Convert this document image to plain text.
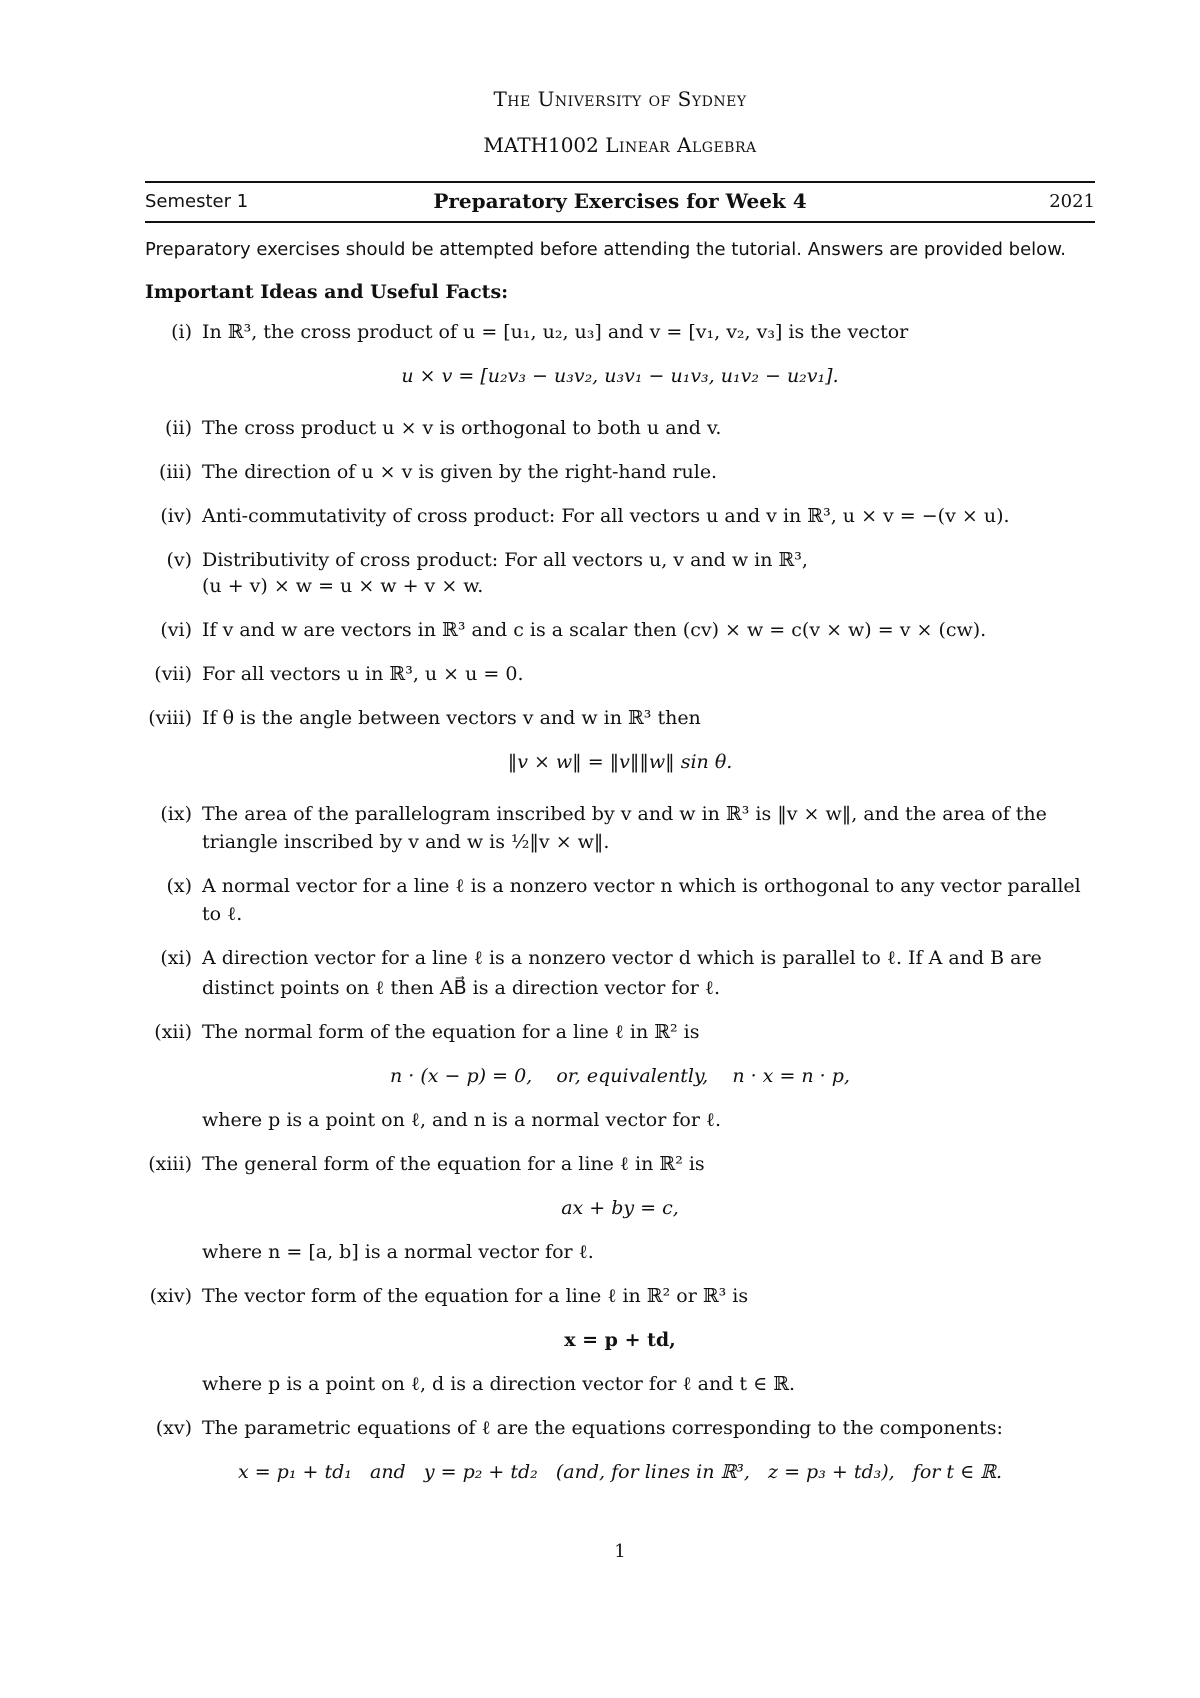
The University of Sydney
MATH1002 Linear Algebra
Semester 1	Preparatory Exercises for Week 4	2021
Preparatory exercises should be attempted before attending the tutorial. Answers are provided below.
Important Ideas and Useful Facts:
(i) In ℝ³, the cross product of u = [u₁, u₂, u₃] and v = [v₁, v₂, v₃] is the vector
u × v = [u₂v₃ − u₃v₂, u₃v₁ − u₁v₃, u₁v₂ − u₂v₁].
(ii) The cross product u × v is orthogonal to both u and v.
(iii) The direction of u × v is given by the right-hand rule.
(iv) Anti-commutativity of cross product: For all vectors u and v in ℝ³, u × v = −(v × u).
(v) Distributivity of cross product: For all vectors u, v and w in ℝ³,
(u + v) × w = u × w + v × w.
(vi) If v and w are vectors in ℝ³ and c is a scalar then (cv) × w = c(v × w) = v × (cw).
(vii) For all vectors u in ℝ³, u × u = 0.
(viii) If θ is the angle between vectors v and w in ℝ³ then
‖v × w‖ = ‖v‖‖w‖ sin θ.
(ix) The area of the parallelogram inscribed by v and w in ℝ³ is ‖v × w‖, and the area of the
triangle inscribed by v and w is ½‖v × w‖.
(x) A normal vector for a line ℓ is a nonzero vector n which is orthogonal to any vector parallel
to ℓ.
(xi) A direction vector for a line ℓ is a nonzero vector d which is parallel to ℓ. If A and B are
distinct points on ℓ then AB⃗ is a direction vector for ℓ.
(xii) The normal form of the equation for a line ℓ in ℝ² is
n · (x − p) = 0,    or, equivalently,    n · x = n · p,
where p is a point on ℓ, and n is a normal vector for ℓ.
(xiii) The general form of the equation for a line ℓ in ℝ² is
ax + by = c,
where n = [a, b] is a normal vector for ℓ.
(xiv) The vector form of the equation for a line ℓ in ℝ² or ℝ³ is
x = p + td,
where p is a point on ℓ, d is a direction vector for ℓ and t ∈ ℝ.
(xv) The parametric equations of ℓ are the equations corresponding to the components:
x = p₁ + td₁   and   y = p₂ + td₂   (and, for lines in ℝ³,   z = p₃ + td₃),   for t ∈ ℝ.
1
